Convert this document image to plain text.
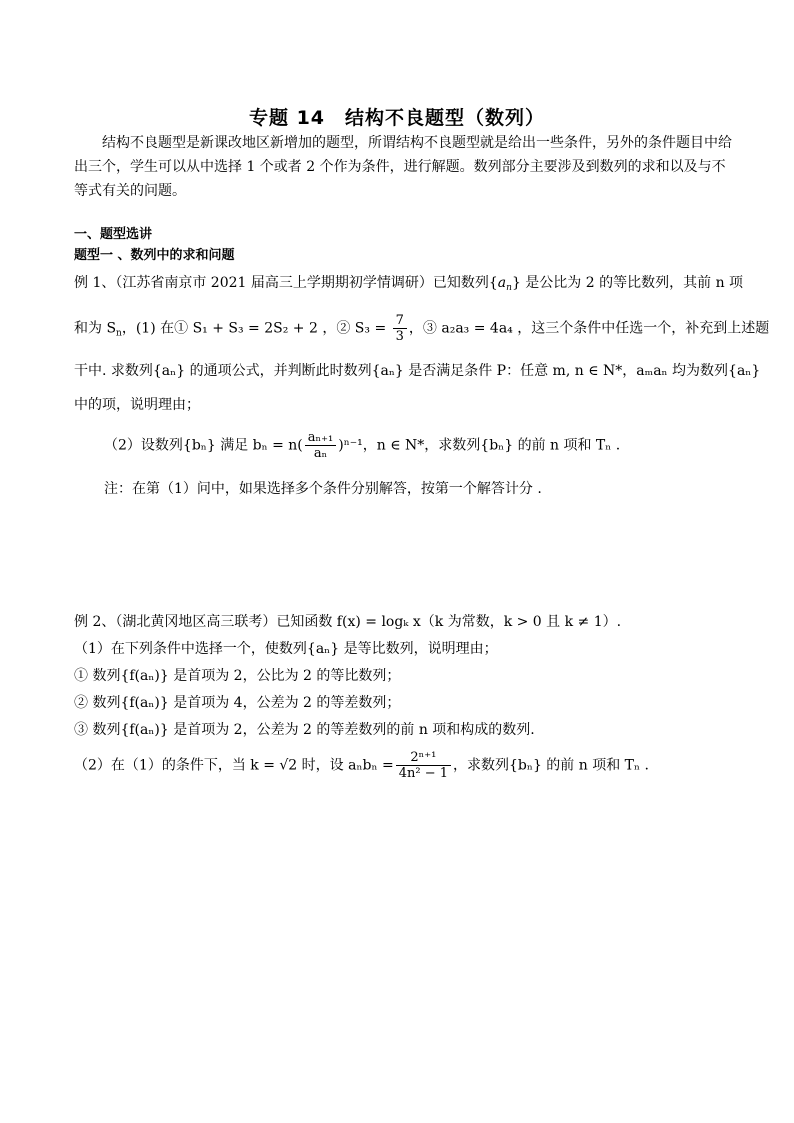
专题 14　结构不良题型（数列）
结构不良题型是新课改地区新增加的题型，所谓结构不良题型就是给出一些条件，另外的条件题目中给出三个，学生可以从中选择 1 个或者 2 个作为条件，进行解题。数列部分主要涉及到数列的求和以及与不等式有关的问题。
一、题型选讲
题型一 、数列中的求和问题
例 1、（江苏省南京市 2021 届高三上学期期初学情调研）已知数列$\{a_n\}$ 是公比为 2 的等比数列，其前 n 项
和为 $S_n$，(1) 在① S₁ + S₃ = 2S₂ + 2 ，② $S_3 = \frac{7}{3}$ ，③ a₂a₃ = 4a₄ ，这三个条件中任选一个，补充到上述题
干中. 求数列{aₙ} 的通项公式，并判断此时数列{aₙ} 是否满足条件 P：任意 m, n ∈ N*，aₘaₙ 均为数列{aₙ}
中的项，说明理由；
（2）设数列{bₙ} 满足 $b_n = n( \frac{\text{aₙ₊₁}}{\text{aₙ}} )^{n-1}$，n ∈ N*，求数列{bₙ} 的前 n 项和 Tₙ .
注：在第（1）问中，如果选择多个条件分别解答，按第一个解答计分 .
例 2、（湖北黄冈地区高三联考）已知函数 f(x) = logₖ x（k 为常数，k > 0 且 k ≠ 1）.
（1）在下列条件中选择一个，使数列{aₙ} 是等比数列，说明理由；
① 数列{f(aₙ)} 是首项为 2，公比为 2 的等比数列；
② 数列{f(aₙ)} 是首项为 4，公差为 2 的等差数列；
③ 数列{f(aₙ)} 是首项为 2，公差为 2 的等差数列的前 n 项和构成的数列.
（2）在（1）的条件下，当 k = √2 时，设 $a_nb_n = \frac{\text{2ⁿ⁺¹}}{\text{4n² − 1}}$ ，求数列{bₙ} 的前 n 项和 Tₙ .
